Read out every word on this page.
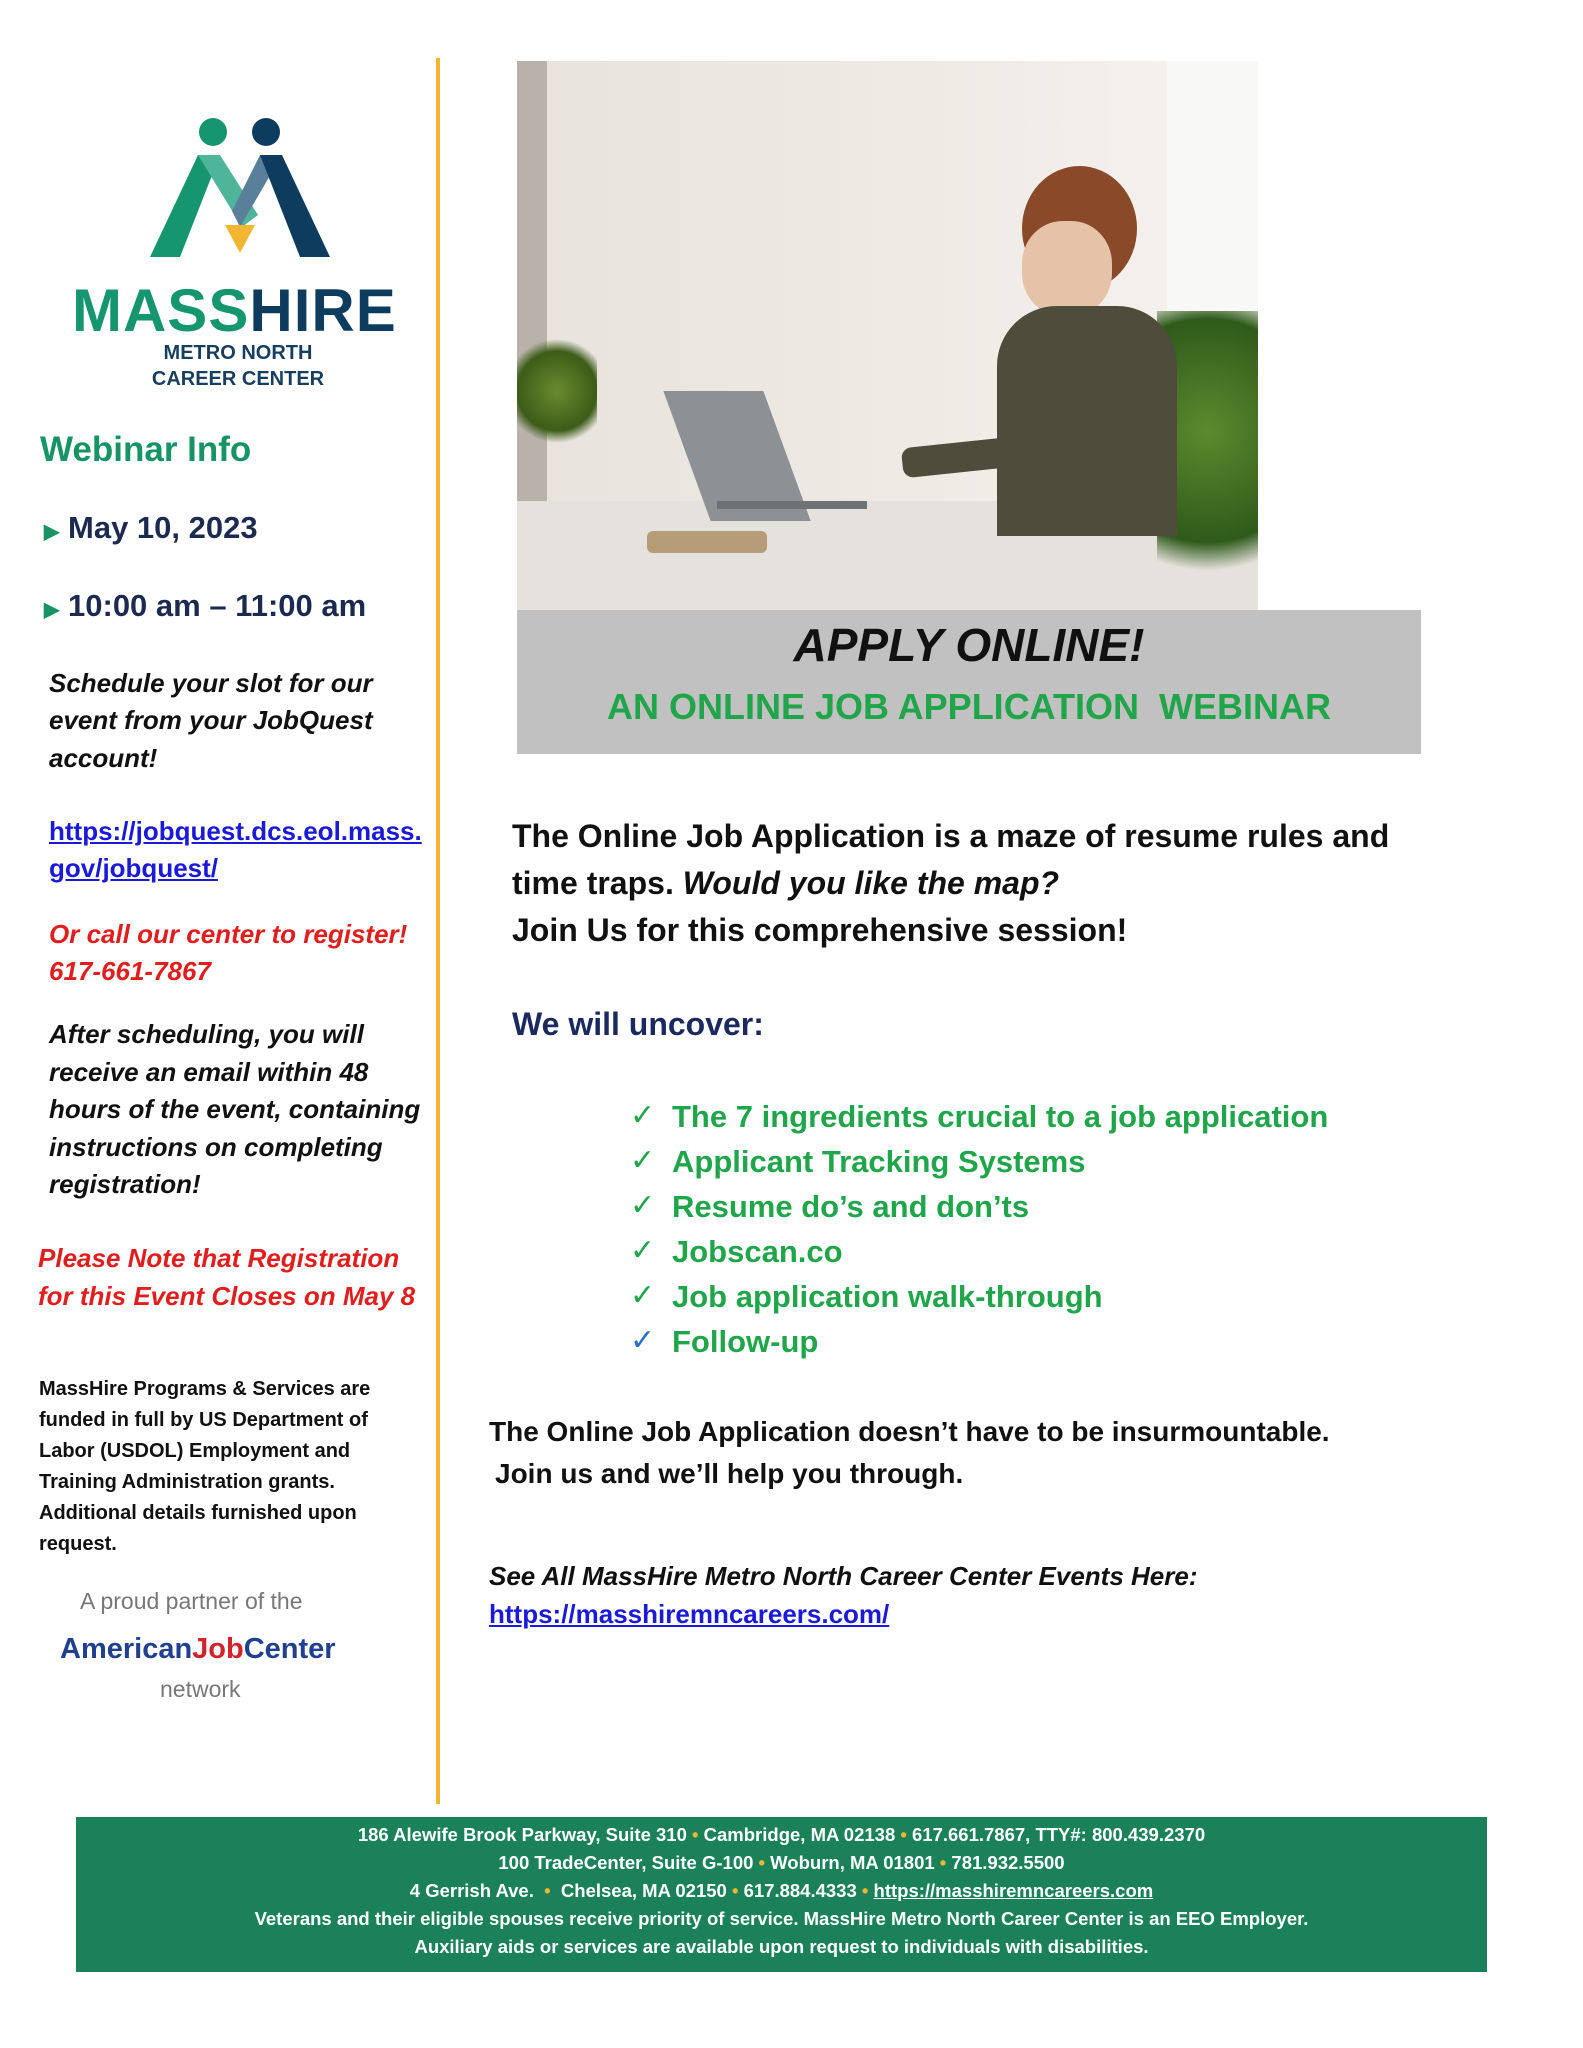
MASSHIRE
METRO NORTH
CAREER CENTER
Webinar Info
▶ May 10, 2023
▶ 10:00 am – 11:00 am
Schedule your slot for our
event from your JobQuest
account!
https://jobquest.dcs.eol.mass.
gov/jobquest/
Or call our center to register!
617-661-7867
After scheduling, you will
receive an email within 48
hours of the event, containing
instructions on completing
registration!
Please Note that Registration
for this Event Closes on May 8
MassHire Programs & Services are
funded in full by US Department of
Labor (USDOL) Employment and
Training Administration grants.
Additional details furnished upon
request.
A proud partner of the
AmericanJobCenter
network
APPLY ONLINE!
AN ONLINE JOB APPLICATION  WEBINAR
The Online Job Application is a maze of resume rules and
time traps. Would you like the map?
Join Us for this comprehensive session!
We will uncover:
✓ The 7 ingredients crucial to a job application
✓ Applicant Tracking Systems
✓ Resume do’s and don’ts
✓ Jobscan.co
✓ Job application walk-through
✓ Follow-up
The Online Job Application doesn’t have to be insurmountable.
Join us and we’ll help you through.
See All MassHire Metro North Career Center Events Here:
https://masshiremncareers.com/
186 Alewife Brook Parkway, Suite 310 • Cambridge, MA 02138 • 617.661.7867, TTY#: 800.439.2370
100 TradeCenter, Suite G-100 • Woburn, MA 01801 • 781.932.5500
4 Gerrish Ave. • Chelsea, MA 02150 • 617.884.4333 • https://masshiremncareers.com
Veterans and their eligible spouses receive priority of service. MassHire Metro North Career Center is an EEO Employer.
Auxiliary aids or services are available upon request to individuals with disabilities.
